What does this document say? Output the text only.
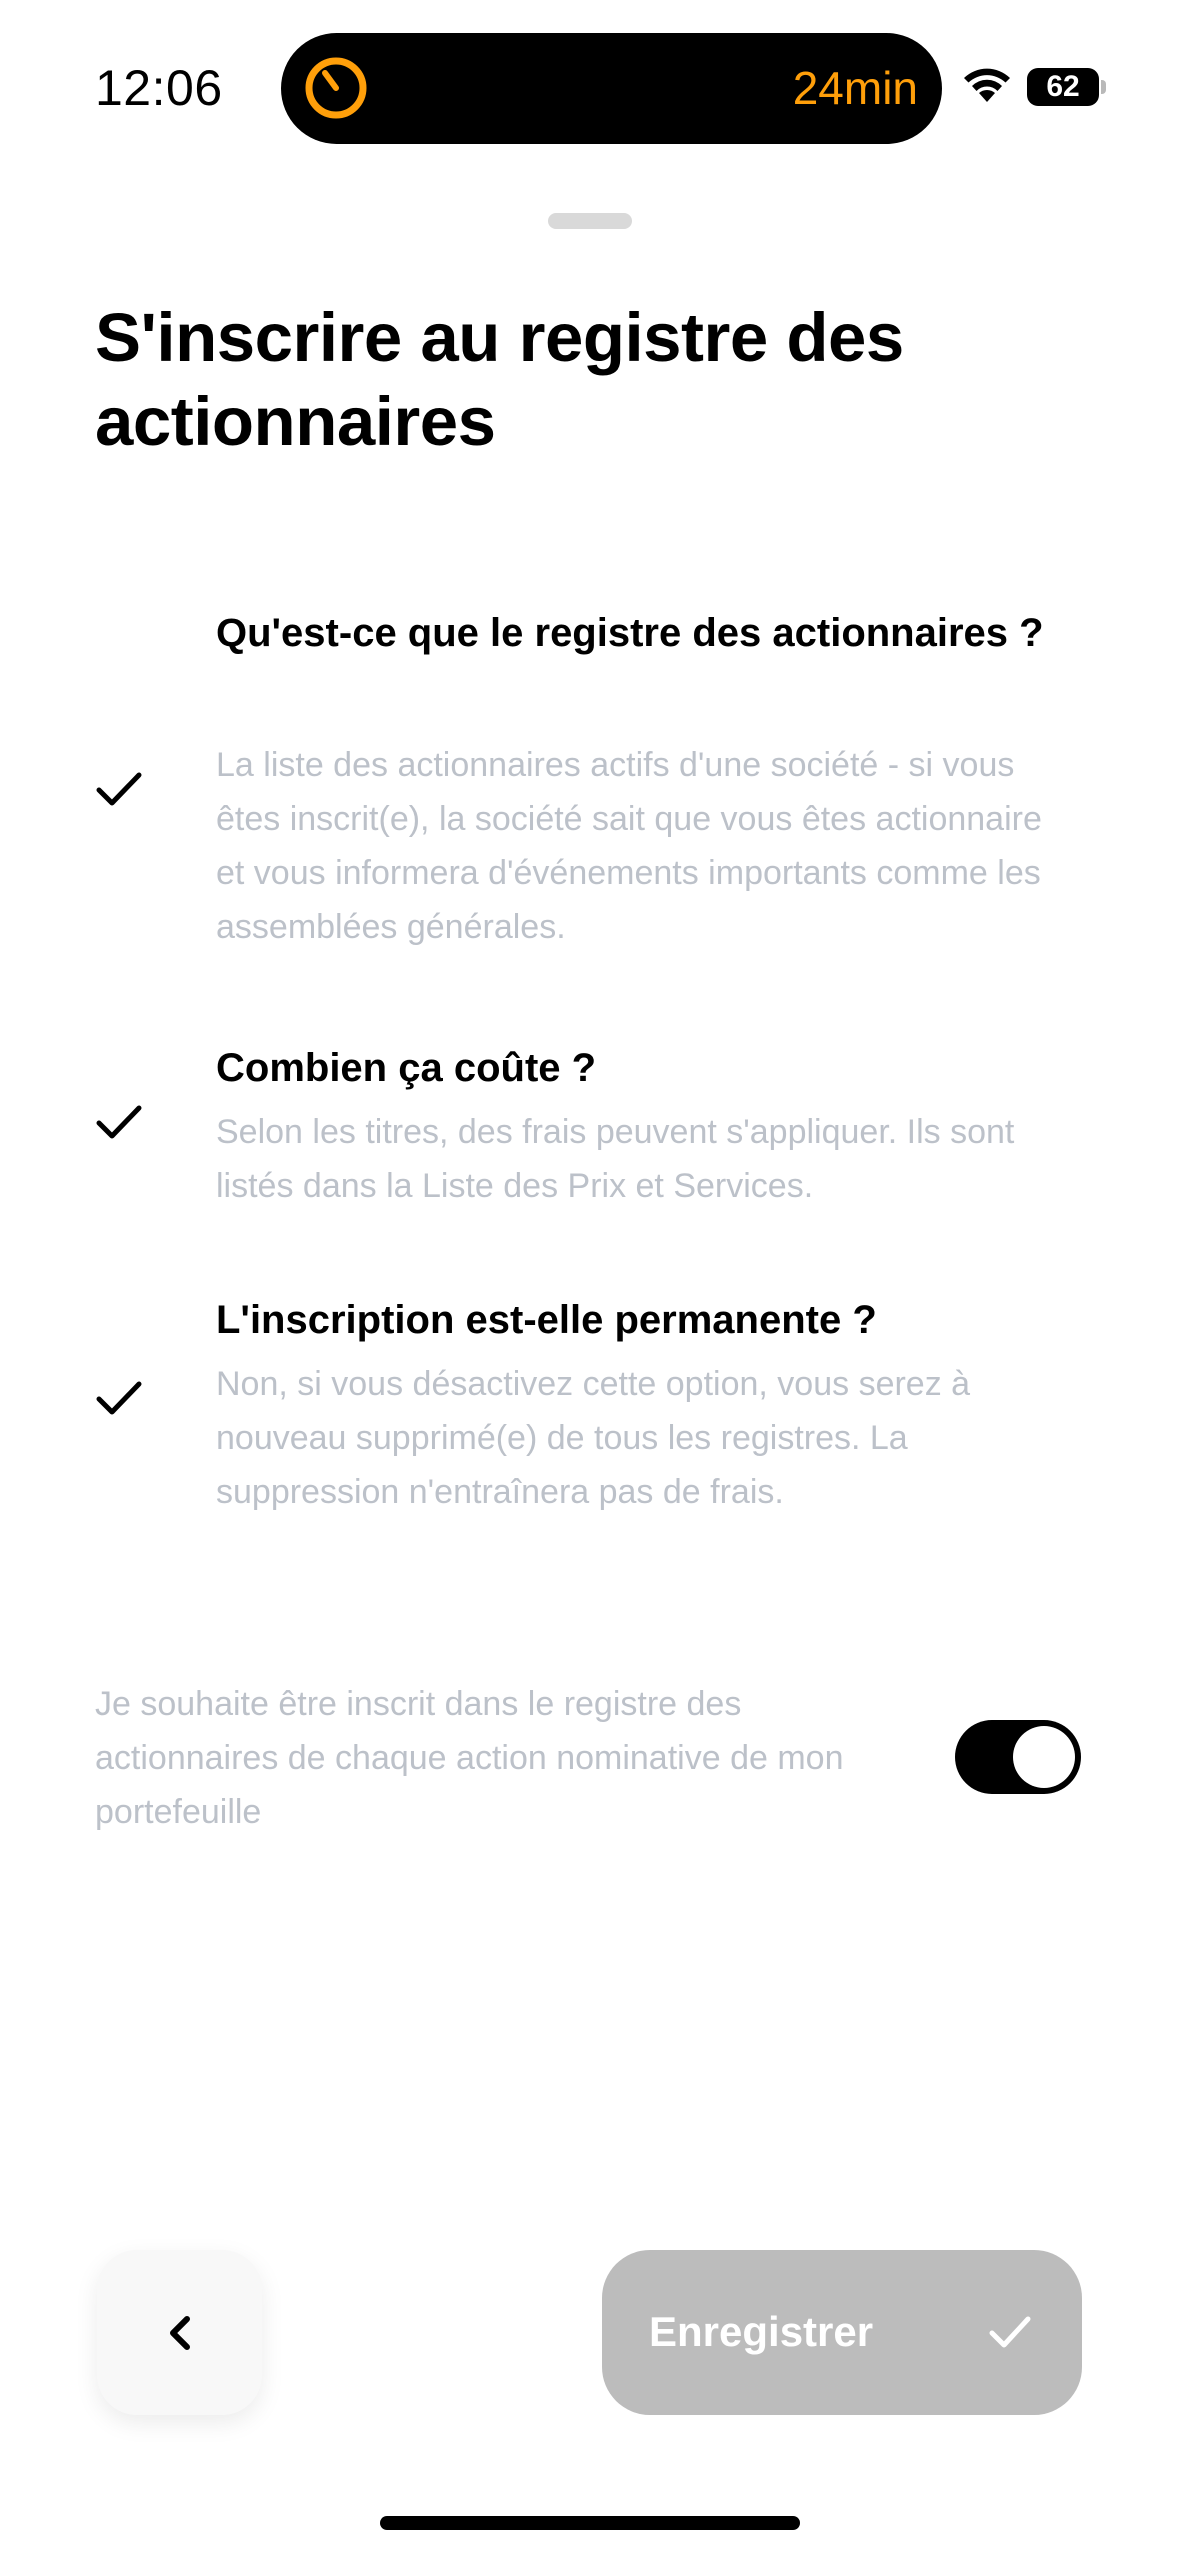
12:06	24min	62
S'inscrire au registre des actionnaires

Qu'est-ce que le registre des actionnaires ?

La liste des actionnaires actifs d'une société - si vous êtes inscrit(e), la société sait que vous êtes actionnaire et vous informera d'événements importants comme les assemblées générales.

Combien ça coûte ?

Selon les titres, des frais peuvent s'appliquer. Ils sont listés dans la Liste des Prix et Services.

L'inscription est-elle permanente ?

Non, si vous désactivez cette option, vous serez à nouveau supprimé(e) de tous les registres. La suppression n'entraînera pas de frais.

Je souhaite être inscrit dans le registre des actionnaires de chaque action nominative de mon portefeuille
Enregistrer
